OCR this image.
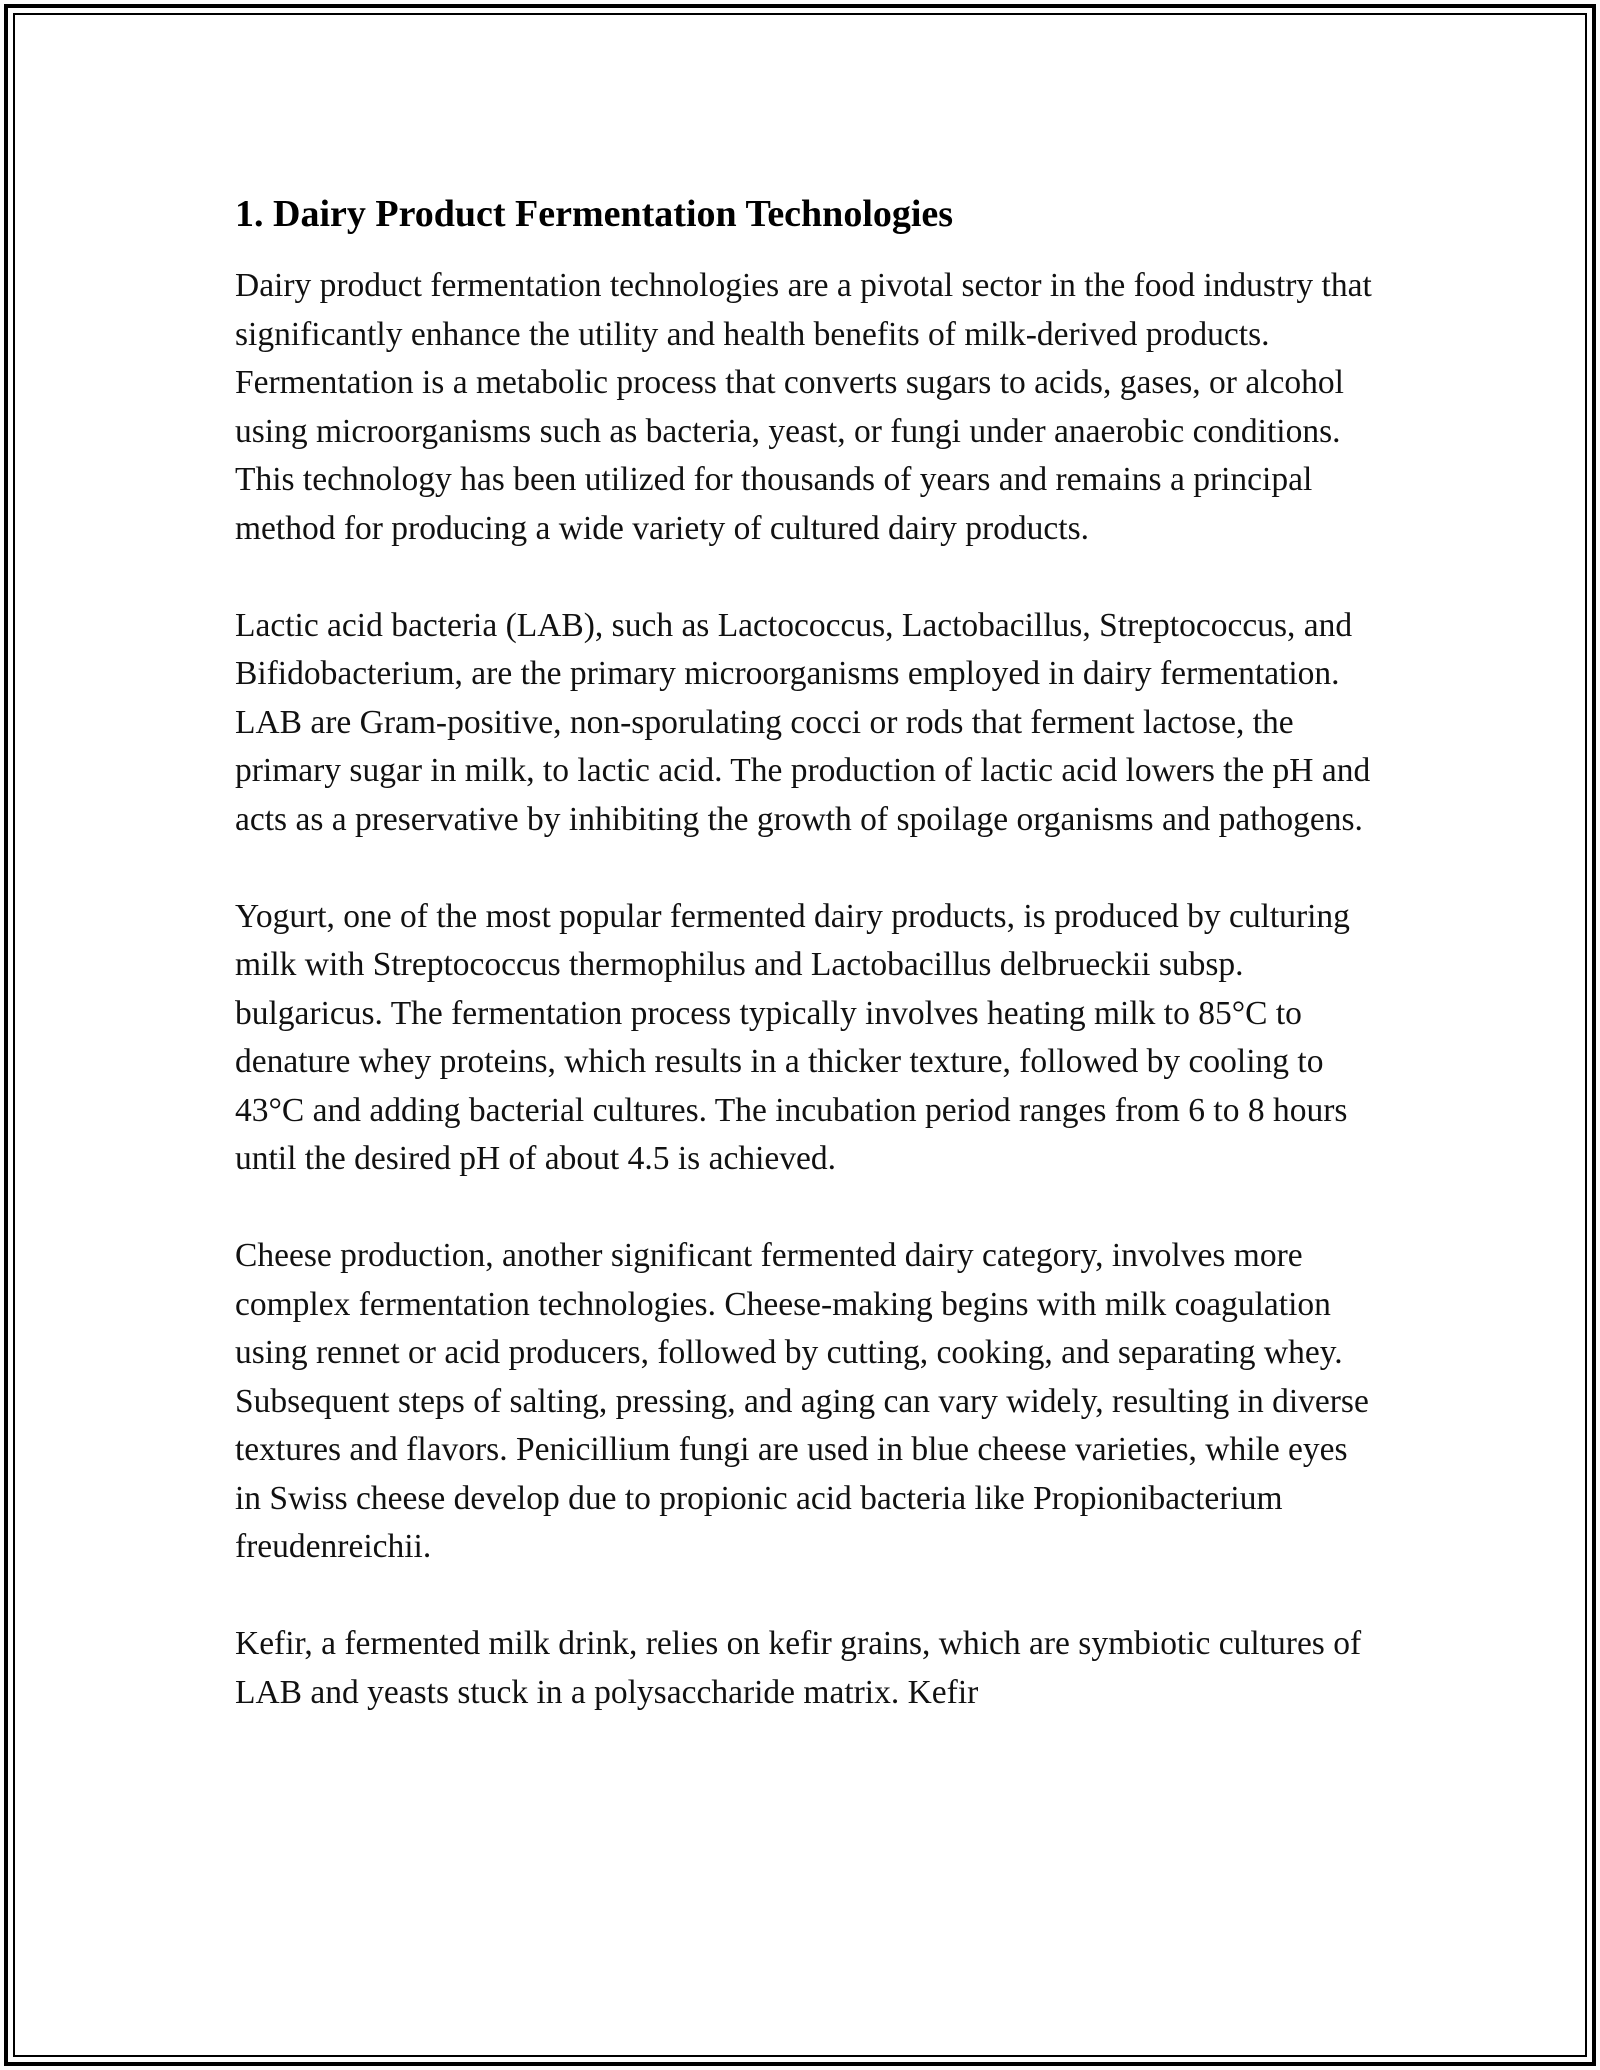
1. Dairy Product Fermentation Technologies

Dairy product fermentation technologies are a pivotal sector in the food industry that significantly enhance the utility and health benefits of milk-derived products. Fermentation is a metabolic process that converts sugars to acids, gases, or alcohol using microorganisms such as bacteria, yeast, or fungi under anaerobic conditions. This technology has been utilized for thousands of years and remains a principal method for producing a wide variety of cultured dairy products.

Lactic acid bacteria (LAB), such as Lactococcus, Lactobacillus, Streptococcus, and Bifidobacterium, are the primary microorganisms employed in dairy fermentation. LAB are Gram-positive, non-sporulating cocci or rods that ferment lactose, the primary sugar in milk, to lactic acid. The production of lactic acid lowers the pH and acts as a preservative by inhibiting the growth of spoilage organisms and pathogens.

Yogurt, one of the most popular fermented dairy products, is produced by culturing milk with Streptococcus thermophilus and Lactobacillus delbrueckii subsp. bulgaricus. The fermentation process typically involves heating milk to 85°C to denature whey proteins, which results in a thicker texture, followed by cooling to 43°C and adding bacterial cultures. The incubation period ranges from 6 to 8 hours until the desired pH of about 4.5 is achieved.

Cheese production, another significant fermented dairy category, involves more complex fermentation technologies. Cheese-making begins with milk coagulation using rennet or acid producers, followed by cutting, cooking, and separating whey. Subsequent steps of salting, pressing, and aging can vary widely, resulting in diverse textures and flavors. Penicillium fungi are used in blue cheese varieties, while eyes in Swiss cheese develop due to propionic acid bacteria like Propionibacterium freudenreichii.

Kefir, a fermented milk drink, relies on kefir grains, which are symbiotic cultures of LAB and yeasts stuck in a polysaccharide matrix. Kefir
